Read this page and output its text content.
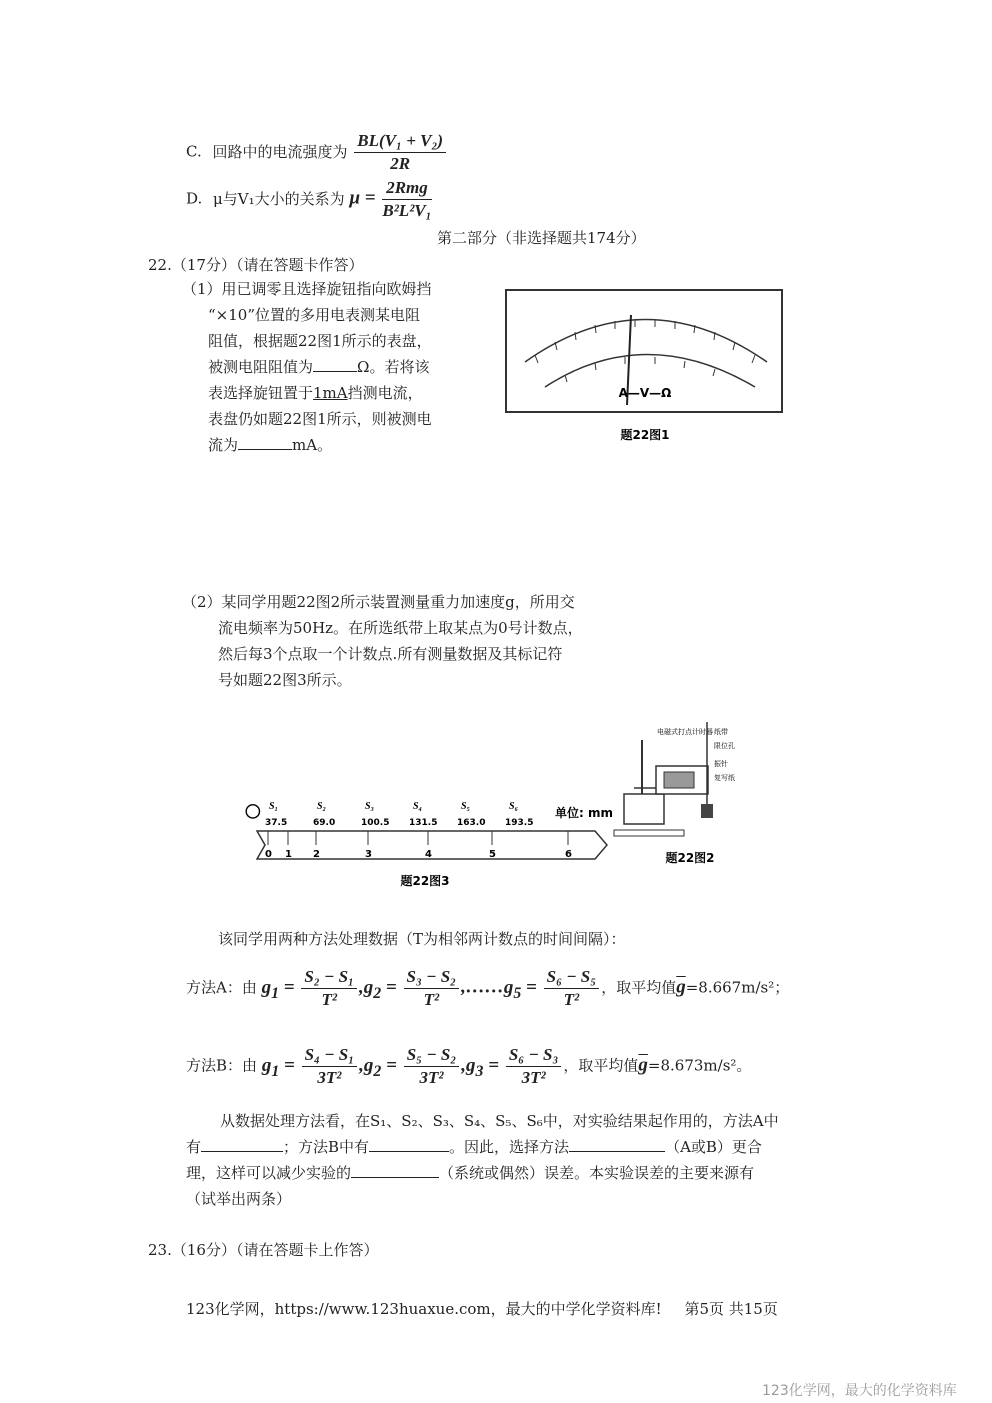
C. 回路中的电流强度为 $\frac{\text{BL(V₁ + V₂)}}{2R}$
D. μ与V₁大小的关系为 $\mu = \frac{\text{2Rmg}}{\text{B²L²V₁}}$
第二部分（非选择题共174分）
22.（17分）（请在答题卡作答）
（1）用已调零且选择旋钮指向欧姆挡
“×10”位置的多用电表测某电阻
阻值，根据题22图1所示的表盘，
被测电阻阻值为	Ω。若将该
表选择旋钮置于1mA挡测电流，
表盘仍如题22图1所示，则被测电
流为	mA。
A—V—Ω
题22图1
（2）某同学用题22图2所示装置测量重力加速度g，所用交
流电频率为50Hz。在所选纸带上取某点为0号计数点，
然后每3个点取一个计数点.所有测量数据及其标记符
号如题22图3所示。
◯	单位: mm
0 1 2	3	4	5	6
S₁
37.5
S₂
69.0
S₃
100.5
S₄
131.5
S₅
163.0
S₆
193.5
题22图3
电磁式打点计时器 纸带
限位孔
振针
复写纸
题22图2
该同学用两种方法处理数据（T为相邻两计数点的时间间隔）：
方法A：由 $g_1 = \frac{\text{S₂ − S₁}}{\text{T²}} ,g_2 = \frac{\text{S₃ − S₂}}{\text{T²}}$ $,\dots\dots g_5 = \frac{\text{S₆ − S₅}}{\text{T²}}$ ，取平均值$\overline{g}=8.667m/s^2$；
方法B：由 $g_1 = \frac{\text{S₄ − S₁}}{\text{3T²}} ,g_2 = \frac{\text{S₅ − S₂}}{\text{3T²}} ,g_3 = \frac{\text{S₆ − S₃}}{\text{3T²}}$ ，取平均值$\overline{g}=8.673m/s^2$。
从数据处理方法看，在S₁、S₂、S₃、S₄、S₅、S₆中，对实验结果起作用的，方法A中
有	；方法B中有	。因此，选择方法	（A或B）更合
理，这样可以减少实验的	（系统或偶然）误差。本实验误差的主要来源有
（试举出两条）
23.（16分）（请在答题卡上作答）
123化学网，https://www.123huaxue.com，最大的中学化学资料库! 第5页 共15页
123化学网，最大的化学资料库
